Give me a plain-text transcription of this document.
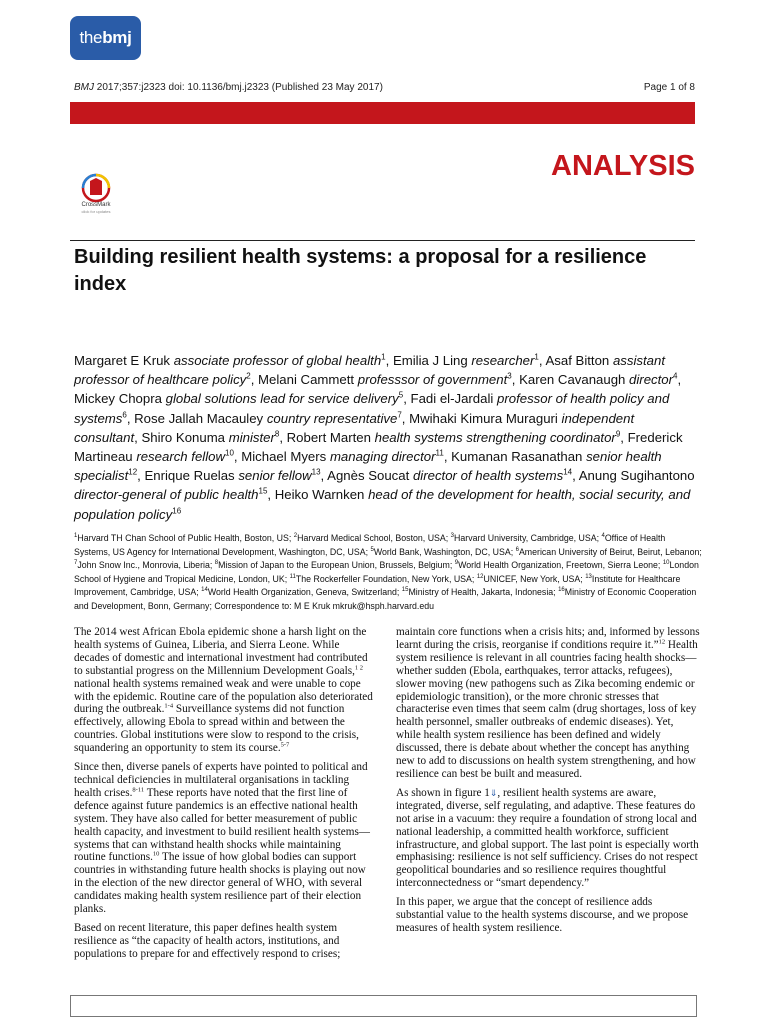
the bmj
BMJ 2017;357:j2323 doi: 10.1136/bmj.j2323 (Published 23 May 2017)	Page 1 of 8
ANALYSIS
CrossMark
click for updates
Building resilient health systems: a proposal for a resilience index
Margaret E Kruk associate professor of global health$^1$, Emilia J Ling researcher$^1$, Asaf Bitton assistant professor of healthcare policy$^2$, Melani Cammett professsor of government$^3$, Karen Cavanaugh director$^4$, Mickey Chopra global solutions lead for service delivery$^5$, Fadi el-Jardali professor of health policy and systems$^6$, Rose Jallah Macauley country representative$^7$, Mwihaki Kimura Muraguri independent consultant, Shiro Konuma minister$^8$, Robert Marten health systems strengthening coordinator$^9$, Frederick Martineau research fellow$^{10}$, Michael Myers managing director$^{11}$, Kumanan Rasanathan senior health specialist$^{12}$, Enrique Ruelas senior fellow$^{13}$, Agnès Soucat director of health systems$^{14}$, Anung Sugihantono director-general of public health$^{15}$, Heiko Warnken head of the development for health, social security, and population policy$^{16}$
$^1$Harvard TH Chan School of Public Health, Boston, US; $^2$Harvard Medical School, Boston, USA; $^3$Harvard University, Cambridge, USA; $^4$Office of Health Systems, US Agency for International Development, Washington, DC, USA; $^5$World Bank, Washington, DC, USA; $^6$American University of Beirut, Beirut, Lebanon; $^7$John Snow Inc., Monrovia, Liberia; $^8$Mission of Japan to the European Union, Brussels, Belgium; $^9$World Health Organization, Freetown, Sierra Leone; $^{10}$London School of Hygiene and Tropical Medicine, London, UK; $^{11}$The Rockerfeller Foundation, New York, USA; $^{12}$UNICEF, New York, USA; $^{13}$Institute for Healthcare Improvement, Cambridge, USA; $^{14}$World Health Organization, Geneva, Switzerland; $^{15}$Ministry of Health, Jakarta, Indonesia; $^{16}$Ministry of Economic Cooperation and Development, Bonn, Germany; Correspondence to: M E Kruk mkruk@hsph.harvard.edu

The 2014 west African Ebola epidemic shone a harsh light on the health systems of Guinea, Liberia, and Sierra Leone. While decades of domestic and international investment had contributed to substantial progress on the Millennium Development Goals,$^{1 2}$ national health systems remained weak and were unable to cope with the epidemic. Routine care of the population also deteriorated during the outbreak.$^{1-4}$ Surveillance systems did not function effectively, allowing Ebola to spread within and between the countries. Global institutions were slow to respond to the crisis, squandering an opportunity to stem its course.$^{5-7}$

Since then, diverse panels of experts have pointed to political and technical deficiencies in multilateral organisations in tackling health crises.$^{8-11}$ These reports have noted that the first line of defence against future pandemics is an effective national health system. They have also called for better measurement of public health capacity, and investment to build resilient health systems—systems that can withstand health shocks while maintaining routine functions.$^{10}$ The issue of how global bodies can support countries in withstanding future health shocks is playing out now in the election of the new director general of WHO, with several candidates making health system resilience part of their election planks.

Based on recent literature, this paper defines health system resilience as “the capacity of health actors, institutions, and populations to prepare for and effectively respond to crises;

maintain core functions when a crisis hits; and, informed by lessons learnt during the crisis, reorganise if conditions require it.”$^{12}$ Health system resilience is relevant in all countries facing health shocks—whether sudden (Ebola, earthquakes, terror attacks, refugees), slower moving (new pathogens such as Zika becoming endemic or epidemiologic transition), or the more chronic stresses that characterise even times that seem calm (drug shortages, loss of key health personnel, smaller outbreaks of endemic diseases). Yet, while health system resilience has been defined and widely discussed, there is debate about whether the concept has anything new to add to discussions on health system strengthening, and how resilience can best be built and measured.

As shown in figure 1⇓, resilient health systems are aware, integrated, diverse, self regulating, and adaptive. These features do not arise in a vacuum: they require a foundation of strong local and national leadership, a committed health workforce, sufficient infrastructure, and global support. The last point is especially worth emphasising: resilience is not self sufficiency. Crises do not respect geopolitical boundaries and so resilience requires thoughtful interconnectedness or “smart dependency.”

In this paper, we argue that the concept of resilience adds substantial value to the health systems discourse, and we propose measures of health system resilience.
